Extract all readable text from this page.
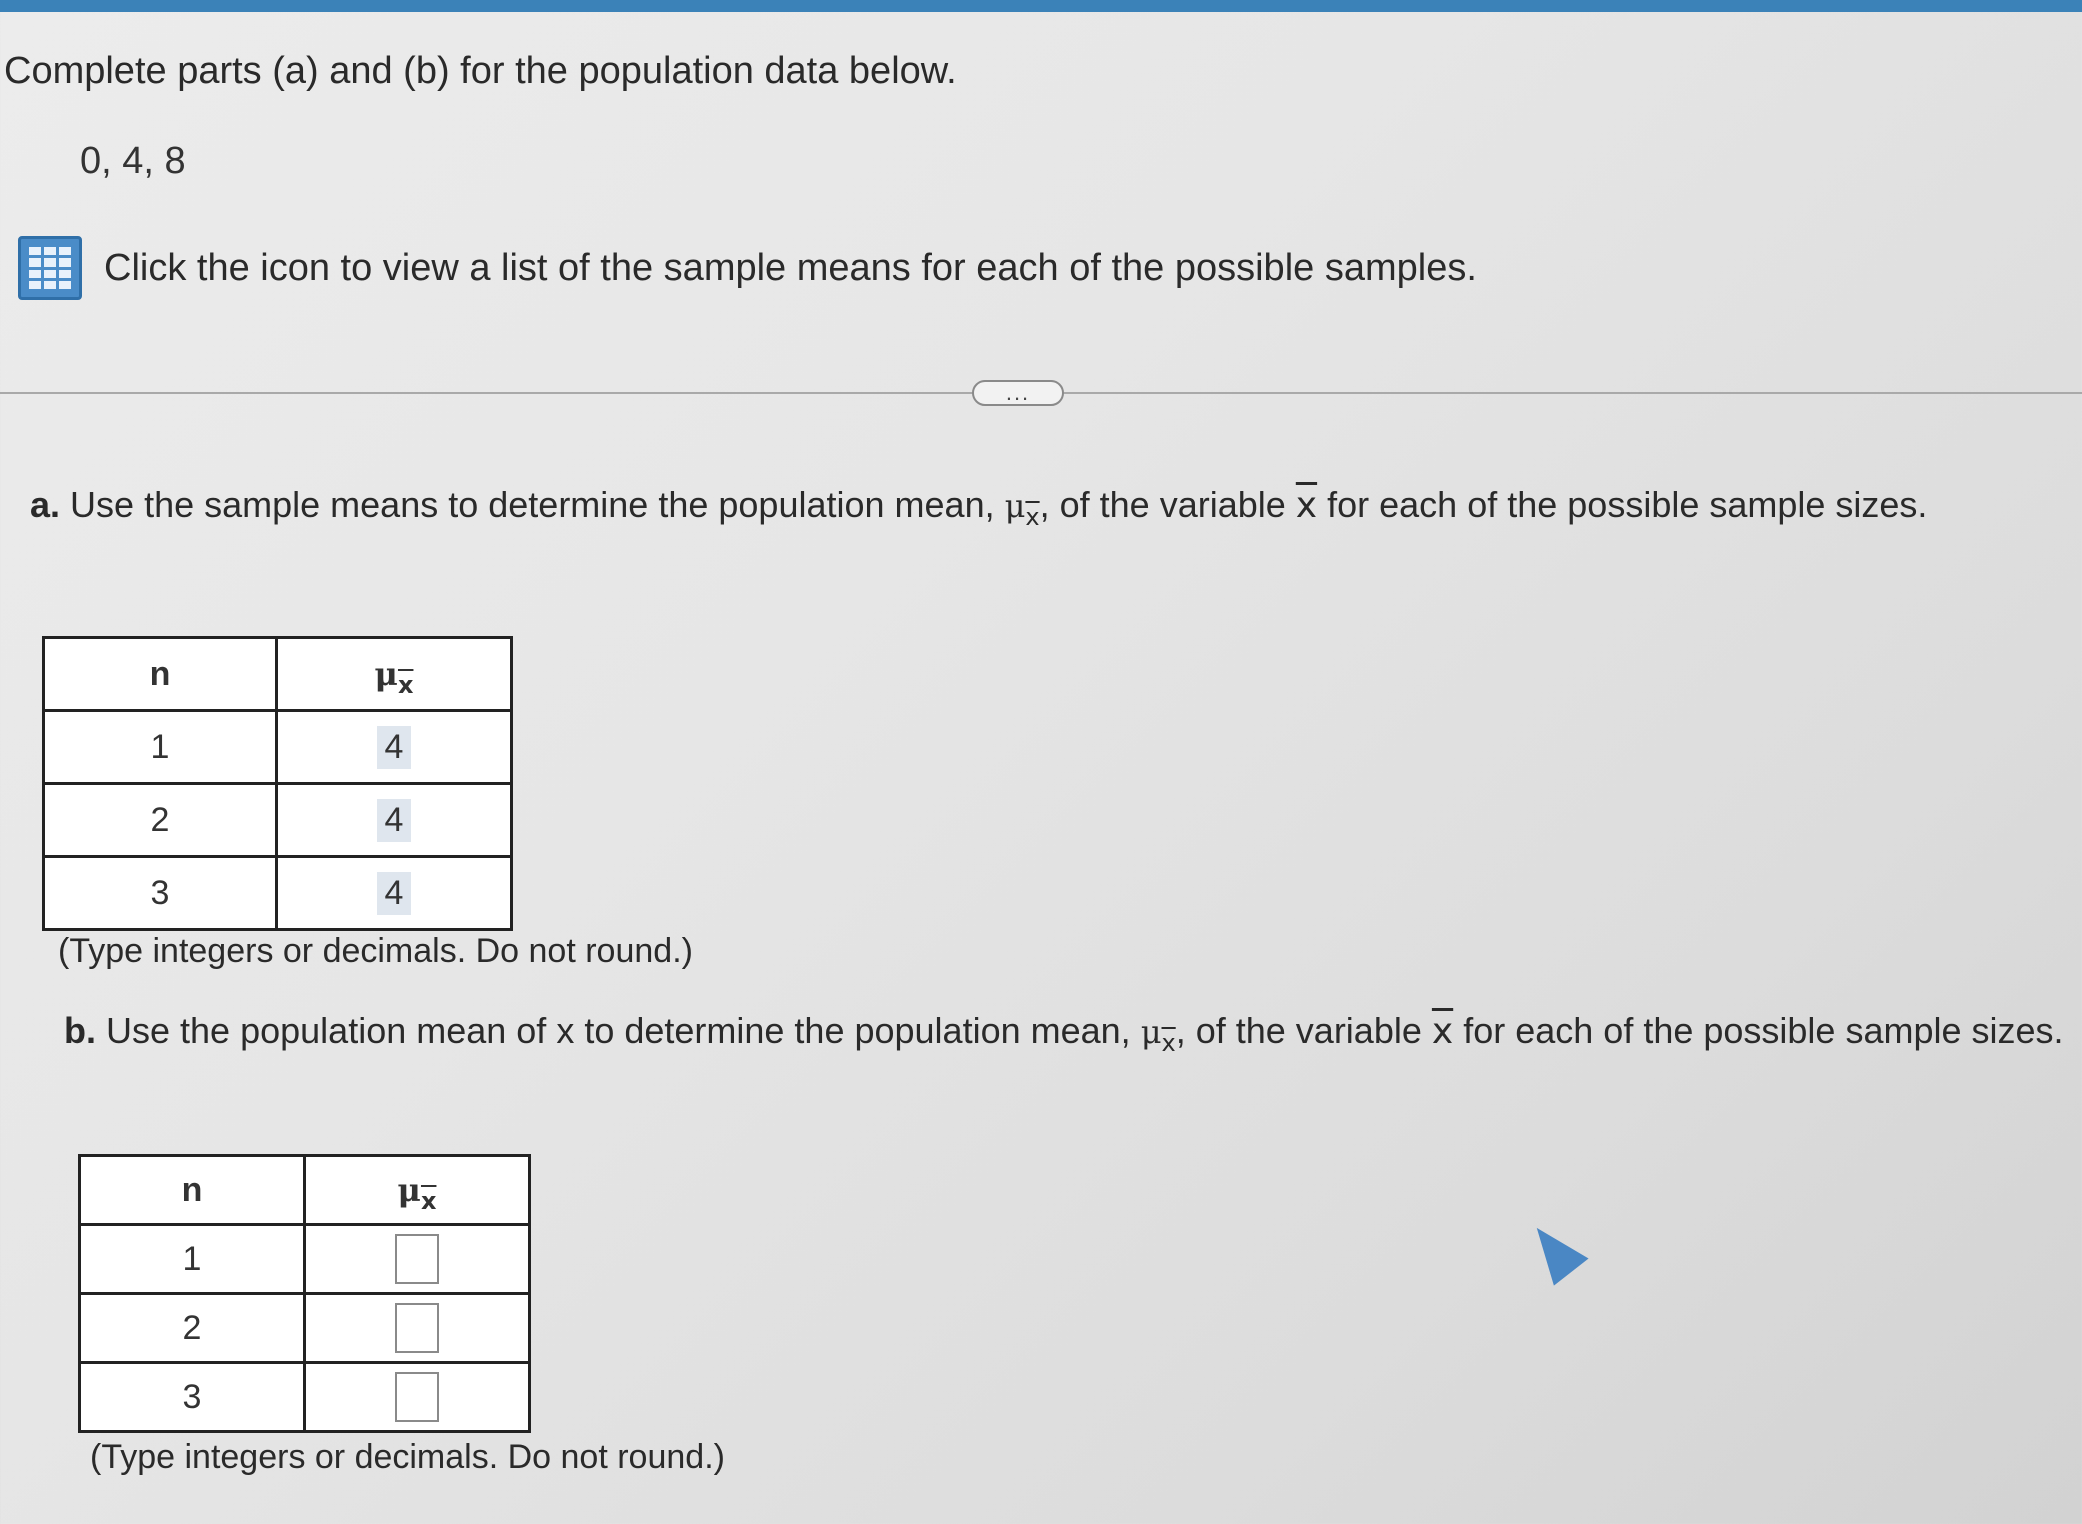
Complete parts (a) and (b) for the population data below.
0, 4, 8
Click the icon to view a list of the sample means for each of the possible samples.
...
a. Use the sample means to determine the population mean, $\mu_{\overline{x}}$, of the variable $\overline{x}$ for each of the possible sample sizes.
n	$\mu_{\overline{x}}$
1	4
2	4
3	4
(Type integers or decimals. Do not round.)
b. Use the population mean of x to determine the population mean, $\mu_{\overline{x}}$, of the variable $\overline{x}$ for each of the possible sample sizes.
n	$\mu_{\overline{x}}$
1	
2	
3	
(Type integers or decimals. Do not round.)
